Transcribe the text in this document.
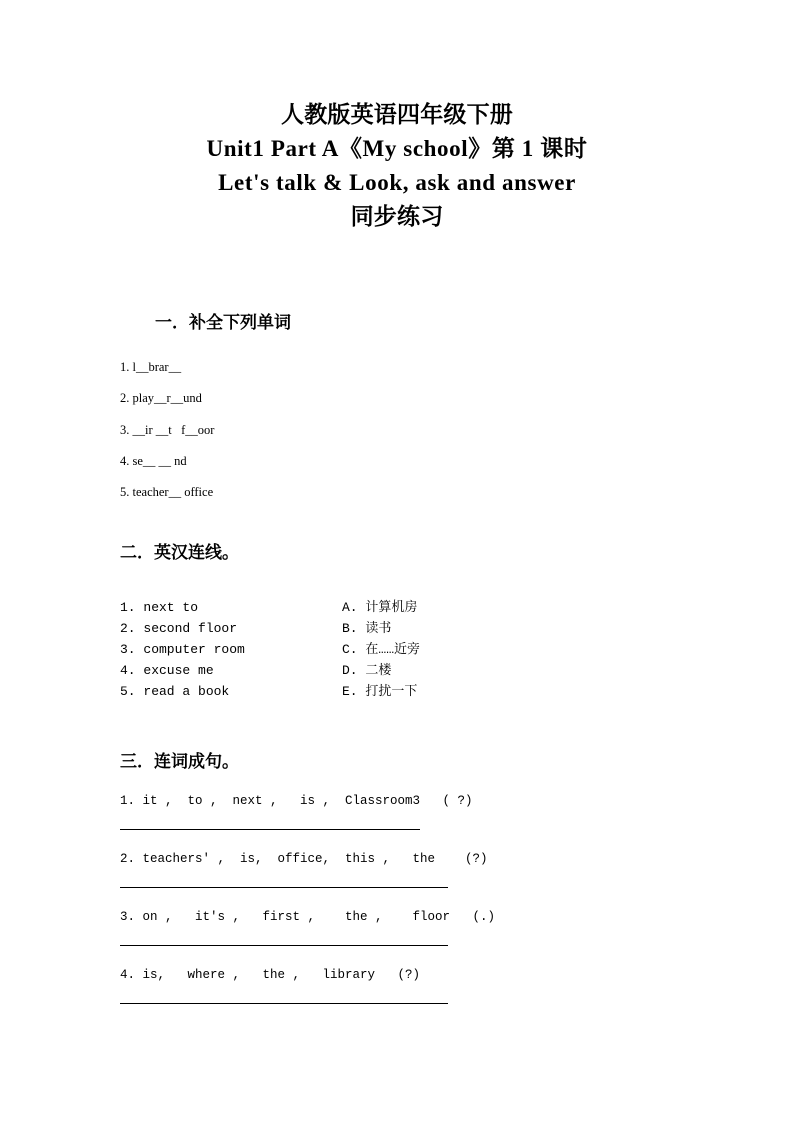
人教版英语四年级下册
Unit1 Part A《My school》第 1 课时
Let's talk & Look, ask and answer
同步练习
一．补全下列单词
1. l__brar__
2. play__r__und
3. __ir __t   f__oor
4. se__ __ nd
5. teacher__ office
二．英汉连线。
1. next to	A. 计算机房
2. second floor	B. 读书
3. computer room	C. 在……近旁
4. excuse me	D. 二楼
5. read a book	E. 打扰一下
三．连词成句。
1. it ,  to ,  next ,   is ,  Classroom3   ( ?)
2. teachers' ,  is,  office,  this ,   the    (?)
3. on ,   it's ,   first ,    the ,    floor   (.)
4. is,   where ,   the ,   library   (?)
